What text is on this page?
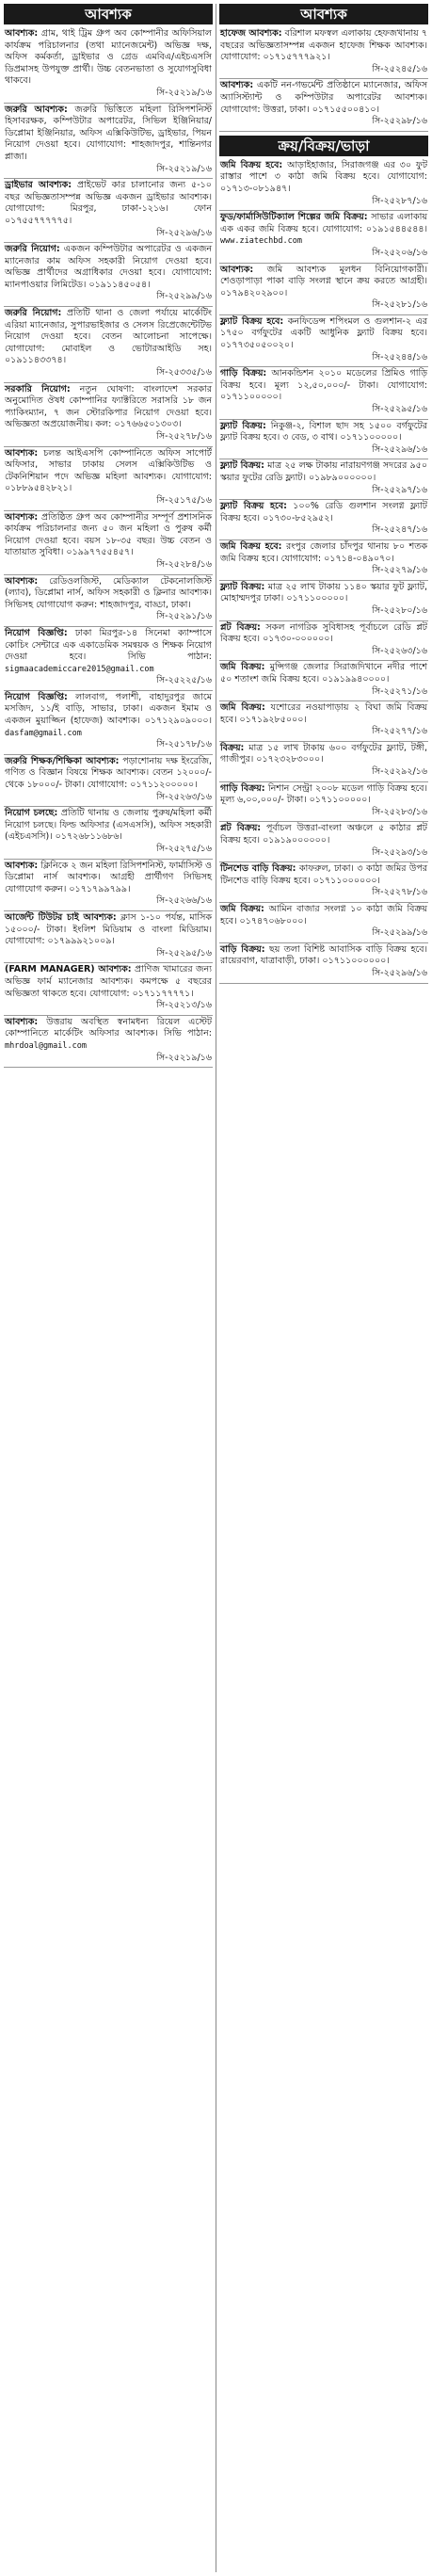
আবশ্যক
আবশ্যক: গ্রাম, থাই ট্রিম গ্রুপ অব কোম্পানীর অফিসিয়াল কার্যক্রম পরিচালনার (তথা ম্যানেজমেন্ট) অভিজ্ঞ দক্ষ, অফিস কর্মকর্তা, ড্রাইভার ও গ্রেড এমবিএ/এইচএসসি ডিপ্রমাসহ উপযুক্ত প্রার্থী। উচ্চ বেতনভাতা ও সুযোগসুবিধা থাকবে।
সি-২৫২১৯/১৬
জরুরি আবশ্যক: জরুরি ভিত্তিতে মহিলা রিসিপশনিস্ট হিসাবরক্ষক, কম্পিউটার অপারেটর, সিভিল ইঞ্জিনিয়ার/ডিপ্লোমা ইঞ্জিনিয়ার, অফিস এক্সিকিউটিভ, ড্রাইভার, পিয়ন নিয়োগ দেওয়া হবে। যোগাযোগ: শাহজাদপুর, শান্তিনগর প্লাজা।
সি-২৫২১৯/১৬
ড্রাইভার আবশ্যক: প্রাইভেট কার চালানোর জন্য ৫-১০ বছর অভিজ্ঞতাসম্পন্ন অভিজ্ঞ একজন ড্রাইভার আবশ্যক। যোগাযোগ: মিরপুর, ঢাকা-১২১৬। ফোন ০১৭৫৫৭৭৭৭৭৫।
সি-২৫২৯৬/১৬
জরুরি নিয়োগ: একজন কম্পিউটার অপারেটর ও একজন ম্যানেজার কাম অফিস সহকারী নিয়োগ দেওয়া হবে। অভিজ্ঞ প্রার্থীদের অগ্রাধিকার দেওয়া হবে। যোগাযোগ: ম্যানপাওয়ার লিমিটেড। ০১৯১১৪৫০৫৪।
সি-২৫২৯৯/১৬
জরুরি নিয়োগ: প্রতিটি থানা ও জেলা পর্যায়ে মার্কেটিং এরিয়া ম্যানেজার, সুপারভাইজার ও সেলস রিপ্রেজেন্টেটিভ নিয়োগ দেওয়া হবে। বেতন আলোচনা সাপেক্ষে। যোগাযোগ: মোবাইল ও ভোটারআইডি সহ। ০১৯১১৪৩৩৭৪।
সি-২৫৩৩৫/১৬
সরকারি নিয়োগ: নতুন ঘোষণা: বাংলাদেশ সরকার অনুমোদিত ঔষধ কোম্পানির ফ্যাক্টরিতে সরাসরি ১৮ জন প্যাকিংম্যান, ৭ জন স্টোরকিপার নিয়োগ দেওয়া হবে। অভিজ্ঞতা অপ্রয়োজনীয়। কল: ০১৭৬৬৫০১৩০৩।
সি-২৫২৭৮/১৬
আবশ্যক: চলন্ত আইএসপি কোম্পানিতে অফিস সাপোর্ট অফিসার, সাভার ঢাকায় সেলস এক্সিকিউটিভ ও টেকনিশিয়ান পদে অভিজ্ঞ মহিলা আবশ্যক। যোগাযোগ: ০১৮৮৯৫৪২৮২১।
সি-২৫১৭৫/১৬
আবশ্যক: প্রতিষ্ঠিত গ্রুপ অব কোম্পানীর সম্পূর্ণ প্রশাসনিক কার্যক্রম পরিচালনার জন্য ৫০ জন মহিলা ও পুরুষ কর্মী নিয়োগ দেওয়া হবে। বয়স ১৮-৩৫ বছর। উচ্চ বেতন ও যাতায়াত সুবিধা। ০১৯৯৭৭৫৫৪৫৭।
সি-২৫২৮৪/১৬
আবশ্যক: রেডিওলজিস্ট, মেডিক্যাল টেকনোলজিস্ট (ল্যাব), ডিপ্লোমা নার্স, অফিস সহকারী ও ক্লিনার আবশ্যক। সিভিসহ যোগাযোগ করুন: শাহজাদপুর, বাড্ডা, ঢাকা।
সি-২৫২৯১/১৬
নিয়োগ বিজ্ঞপ্তি: ঢাকা মিরপুর-১৪ সিনেমা ক্যাম্পাসে কোচিং সেন্টারে এক একাডেমিক সমন্বয়ক ও শিক্ষক নিয়োগ দেওয়া হবে। সিভি পাঠান: sigmaacademiccare2015@gmail.com
সি-২৫২২৫/১৬
নিয়োগ বিজ্ঞপ্তি: লালবাগ, পলাশী, বাহাদুরপুর জামে মসজিদ, ১১/ই বাড়ি, সাভার, ঢাকা। একজন ইমাম ও একজন মুয়াজ্জিন (হাফেজ) আবশ্যক। ০১৭১২৯০৯০০০। dasfam@gmail.com
সি-২৫১৭৮/১৬
জরুরি শিক্ষক/শিক্ষিকা আবশ্যক: পড়াশোনায় দক্ষ ইংরেজি, গণিত ও বিজ্ঞান বিষয়ে শিক্ষক আবশ্যক। বেতন ১২০০০/- থেকে ১৮০০০/- টাকা। যোগাযোগ: ০১৭১১২০০০০০।
সি-২৫২৬৩/১৬
নিয়োগ চলছে: প্রতিটি থানায় ও জেলায় পুরুষ/মহিলা কর্মী নিয়োগ চলছে। ফিল্ড অফিসার (এসএসসি), অফিস সহকারী (এইচএসসি)। ০১৭২৬৮১১৬৮৬।
সি-২৫২৭৫/১৬
আবশ্যক: ক্লিনিকে ২ জন মহিলা রিসিপশনিস্ট, ফার্মাসিস্ট ও ডিপ্লোমা নার্স আবশ্যক। আগ্রহী প্রার্থীগণ সিভিসহ যোগাযোগ করুন। ০১৭১৭৯৯৭৯৯।
সি-২৫২৬৬/১৬
আর্জেন্ট টিউটর চাই আবশ্যক: ক্লাস ১-১০ পর্যন্ত, মাসিক ১৫০০০/- টাকা। ইংলিশ মিডিয়াম ও বাংলা মিডিয়াম। যোগাযোগ: ০১৭৯৯৯২১০০৯।
সি-২৫২৯৫/১৬
(FARM MANAGER) আবশ্যক: প্রাণিজ খামারের জন্য অভিজ্ঞ ফার্ম ম্যানেজার আবশ্যক। কমপক্ষে ৫ বছরের অভিজ্ঞতা থাকতে হবে। যোগাযোগ: ০১৭১১৭৭৭৭১।
সি-২৫২১৩/১৬
আবশ্যক: উত্তরায় অবস্থিত স্বনামধন্য রিয়েল এস্টেট কোম্পানিতে মার্কেটিং অফিসার আবশ্যক। সিভি পাঠান: mhrdoal@gmail.com
সি-২৫২১৯/১৬
আবশ্যক
হাফেজ আবশ্যক: বরিশাল মফস্বল এলাকায় হেফজখানায় ৭ বছরের অভিজ্ঞতাসম্পন্ন একজন হাফেজ শিক্ষক আবশ্যক। যোগাযোগ: ০১৭১৫৭৭৭৯২১।
সি-২৫২৪৫/১৬
আবশ্যক: একটি নন-গভর্মেন্ট প্রতিষ্ঠানে ম্যানেজার, অফিস অ্যাসিস্ট্যান্ট ও কম্পিউটার অপারেটর আবশ্যক। যোগাযোগ: উত্তরা, ঢাকা। ০১৭১৫৫০০৪১০।
সি-২৫২৯৮/১৬
ক্রয়/বিক্রয়/ভাড়া
জমি বিক্রয় হবে: আড়াইহাজার, সিরাজগঞ্জ এর ৩০ ফুট রাস্তার পাশে ৩ কাঠা জমি বিক্রয় হবে। যোগাযোগ: ০১৭১৩-০৮১৯৪৭।
সি-২৫২৮৭/১৬
ফুড/ফার্মাসিউটিক্যাল শিল্পের জমি বিক্রয়: সাভার এলাকায় এক একর জমি বিক্রয় হবে। যোগাযোগ: ০১৯১৫৪৪৫৪৪। www.ziatechbd.com
সি-২৫২০৬/১৬
আবশ্যক: জমি আবশ্যক মূলধন বিনিয়োগকারী। শেওড়াপাড়া পাকা বাড়ি সংলগ্ন স্থানে ক্রয় করতে আগ্রহী। ০১৭৯৪২০২৯০০।
সি-২৫২৮১/১৬
ফ্ল্যাট বিক্রয় হবে: কনফিডেন্স শপিংমল ও গুলশান-২ এর ১৭৫০ বর্গফুটের একটি আধুনিক ফ্ল্যাট বিক্রয় হবে। ০১৭৭৩৫০৫০০২০।
সি-২৫২৪৪/১৬
গাড়ি বিক্রয়: আনকন্ডিশন ২০১০ মডেলের প্রিমিও গাড়ি বিক্রয় হবে। মূল্য ১২,৫০,০০০/- টাকা। যোগাযোগ: ০১৭১১০০০০০।
সি-২৫২৯৫/১৬
ফ্ল্যাট বিক্রয়: নিকুঞ্জ-২, বিশাল ছাদ সহ ১৫০০ বর্গফুটের ফ্ল্যাট বিক্রয় হবে। ৩ বেড, ৩ বাথ। ০১৭১১০০০০০।
সি-২৫২৯৬/১৬
ফ্ল্যাট বিক্রয়: মাত্র ২৫ লক্ষ টাকায় নারায়ণগঞ্জ সদরের ৯৫০ স্কয়ার ফুটের রেডি ফ্ল্যাট। ০১৯৮৯০০০০০০।
সি-২৫২৯৭/১৬
ফ্ল্যাট বিক্রয় হবে: ১০০% রেডি গুলশান সংলগ্ন ফ্ল্যাট বিক্রয় হবে। ০১৭৩০-৮৫২৯৫২।
সি-২৫২৪৭/১৬
জমি বিক্রয় হবে: রংপুর জেলার চাঁদপুর থানায় ৮০ শতক জমি বিক্রয় হবে। যোগাযোগ: ০১৭১৪-০৪৯০৭০।
সি-২৫২৭৯/১৬
ফ্ল্যাট বিক্রয়: মাত্র ২৫ লাখ টাকায় ১১৪০ স্কয়ার ফুট ফ্ল্যাট, মোহাম্মদপুর ঢাকা। ০১৭১১০০০০০।
সি-২৫২৮০/১৬
প্লট বিক্রয়: সকল নাগরিক সুবিধাসহ পূর্বাচলে রেডি প্লট বিক্রয় হবে। ০১৭৩০-০০০০০০।
সি-২৫২৬৩/১৬
জমি বিক্রয়: মুন্সিগঞ্জ জেলার সিরাজদিখানে নদীর পাশে ৫০ শতাংশ জমি বিক্রয় হবে। ০১৯১৯৯৪০০০০।
সি-২৫২৭১/১৬
জমি বিক্রয়: যশোরের নওয়াপাড়ায় ২ বিঘা জমি বিক্রয় হবে। ০১৭১৯২৮৫০০০।
সি-২৫২৭৭/১৬
বিক্রয়: মাত্র ১৫ লাখ টাকায় ৬০০ বর্গফুটের ফ্ল্যাট, টঙ্গী, গাজীপুর। ০১৭২৩২৮৩০০০।
সি-২৫২৯২/১৬
গাড়ি বিক্রয়: নিশান সেন্ট্রা ২০০৮ মডেল গাড়ি বিক্রয় হবে। মূল্য ৬,০০,০০০/- টাকা। ০১৭১১০০০০০।
সি-২৫২৮৩/১৬
প্লট বিক্রয়: পূর্বাচল উত্তরা-বাংলা অঞ্চলে ৫ কাঠার প্লট বিক্রয় হবে। ০১৯১৯০০০০০০।
সি-২৫২৯৩/১৬
টিনশেড বাড়ি বিক্রয়: কাফরুল, ঢাকা। ৩ কাঠা জমির উপর টিনশেড বাড়ি বিক্রয় হবে। ০১৭১১০০০০০০।
সি-২৫২৭৮/১৬
জমি বিক্রয়: আমিন বাজার সংলগ্ন ১০ কাঠা জমি বিক্রয় হবে। ০১৭৪৭০৬৮০০০।
সি-২৫২৯৯/১৬
বাড়ি বিক্রয়: ছয় তলা বিশিষ্ট আবাসিক বাড়ি বিক্রয় হবে। রায়েরবাগ, যাত্রাবাড়ী, ঢাকা। ০১৭১১০০০০০০।
সি-২৫২৯৬/১৬
